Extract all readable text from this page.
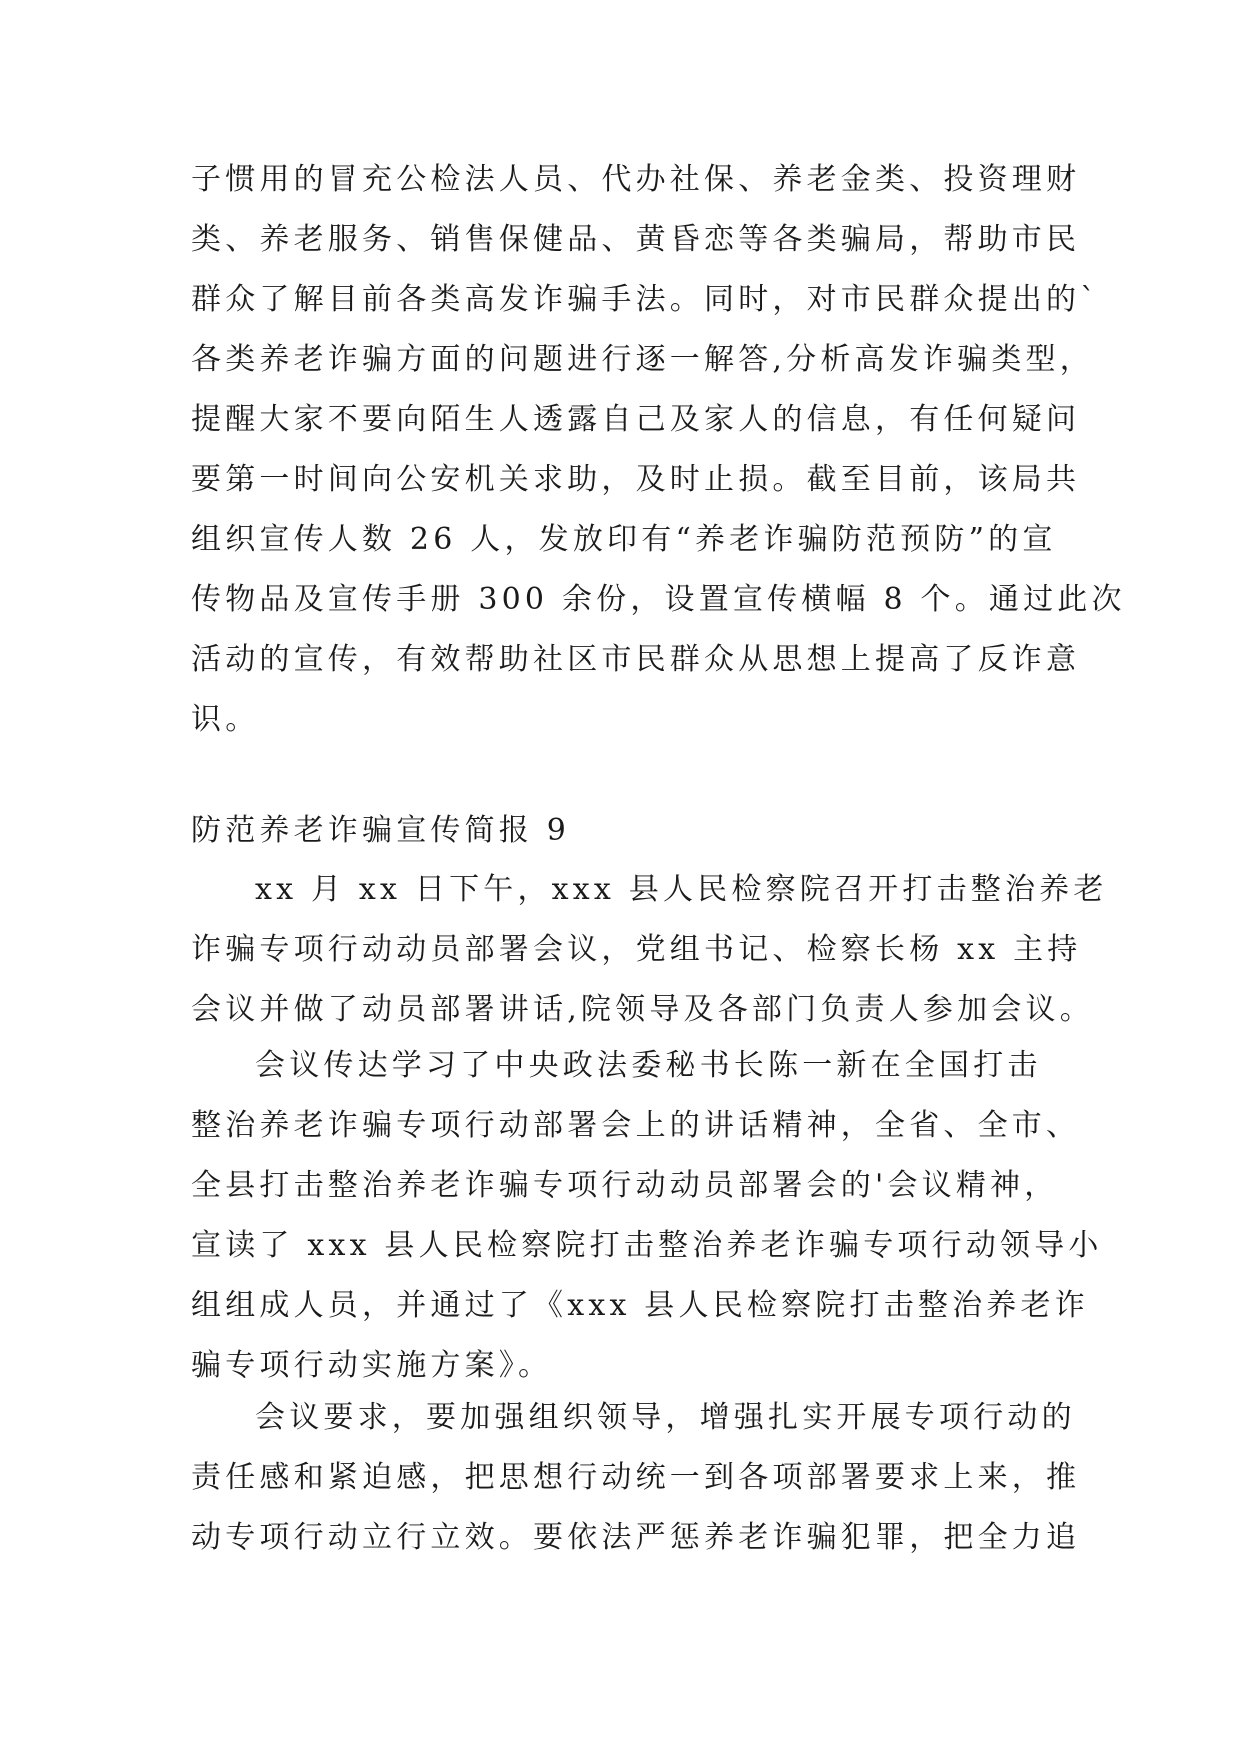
子惯用的冒充公检法人员、代办社保、养老金类、投资理财
类、养老服务、销售保健品、黄昏恋等各类骗局，帮助市民
群众了解目前各类高发诈骗手法。同时，对市民群众提出的`
各类养老诈骗方面的问题进行逐一解答,分析高发诈骗类型，
提醒大家不要向陌生人透露自己及家人的信息，有任何疑问
要第一时间向公安机关求助，及时止损。截至目前，该局共
组织宣传人数 26 人，发放印有“养老诈骗防范预防”的宣
传物品及宣传手册 300 余份，设置宣传横幅 8 个。通过此次
活动的宣传，有效帮助社区市民群众从思想上提高了反诈意
识。
防范养老诈骗宣传简报 9
xx 月 xx 日下午，xxx 县人民检察院召开打击整治养老
诈骗专项行动动员部署会议，党组书记、检察长杨 xx 主持
会议并做了动员部署讲话,院领导及各部门负责人参加会议。
会议传达学习了中央政法委秘书长陈一新在全国打击
整治养老诈骗专项行动部署会上的讲话精神，全省、全市、
全县打击整治养老诈骗专项行动动员部署会的'会议精神，
宣读了 xxx 县人民检察院打击整治养老诈骗专项行动领导小
组组成人员，并通过了《xxx 县人民检察院打击整治养老诈
骗专项行动实施方案》。
会议要求，要加强组织领导，增强扎实开展专项行动的
责任感和紧迫感，把思想行动统一到各项部署要求上来，推
动专项行动立行立效。要依法严惩养老诈骗犯罪，把全力追
